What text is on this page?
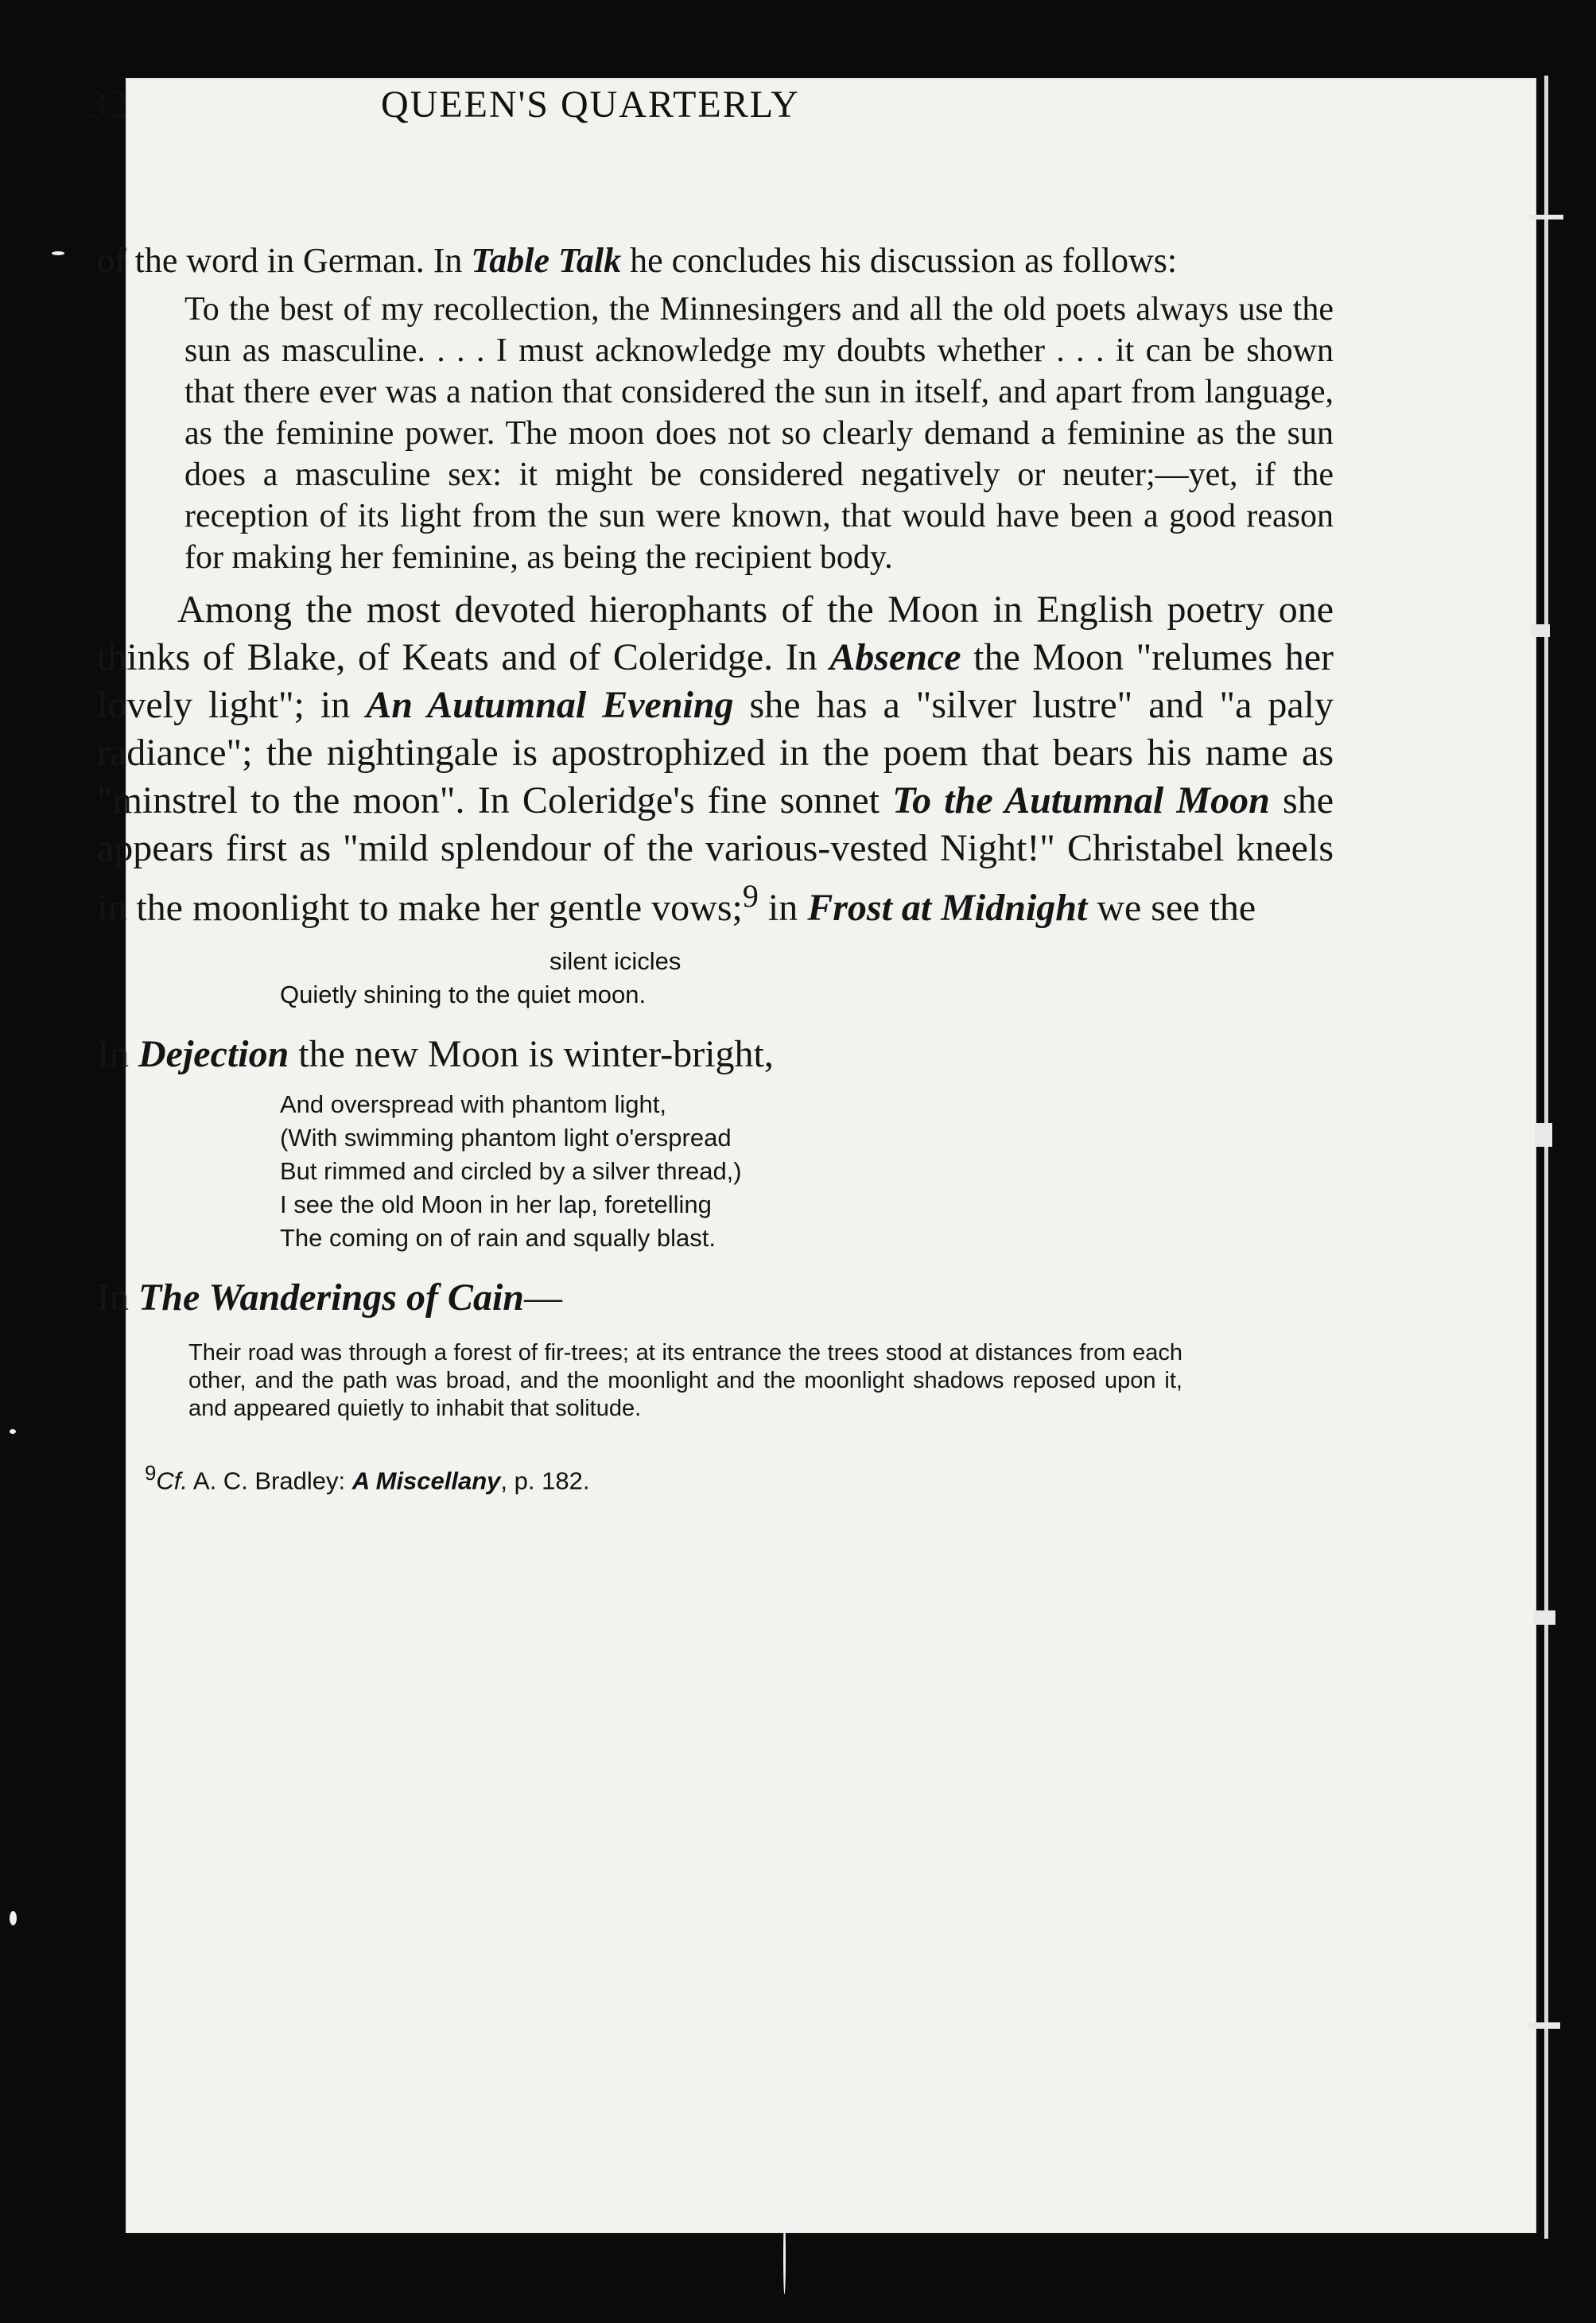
32	QUEEN'S QUARTERLY

of the word in German. In Table Talk he concludes his discussion as follows:

To the best of my recollection, the Minnesingers and all the old poets always use the sun as masculine. . . . I must acknowledge my doubts whether . . . it can be shown that there ever was a nation that considered the sun in itself, and apart from language, as the feminine power. The moon does not so clearly demand a feminine as the sun does a masculine sex: it might be considered negatively or neuter;—yet, if the reception of its light from the sun were known, that would have been a good reason for making her feminine, as being the recipient body.

Among the most devoted hierophants of the Moon in English poetry one thinks of Blake, of Keats and of Coleridge. In Absence the Moon "relumes her lovely light"; in An Autumnal Evening she has a "silver lustre" and "a paly radiance"; the nightingale is apostrophized in the poem that bears his name as "minstrel to the moon". In Coleridge's fine sonnet To the Autumnal Moon she appears first as "mild splendour of the various-vested Night!" Christabel kneels in the moonlight to make her gentle vows;$^9$ in Frost at Midnight we see the

silent icicles
Quietly shining to the quiet moon.

In Dejection the new Moon is winter-bright,

And overspread with phantom light,
(With swimming phantom light o'erspread
But rimmed and circled by a silver thread,)
I see the old Moon in her lap, foretelling
The coming on of rain and squally blast.

In The Wanderings of Cain—

Their road was through a forest of fir-trees; at its entrance the trees stood at distances from each other, and the path was broad, and the moonlight and the moonlight shadows reposed upon it, and appeared quietly to inhabit that solitude.

$^9$Cf. A. C. Bradley: A Miscellany, p. 182.
